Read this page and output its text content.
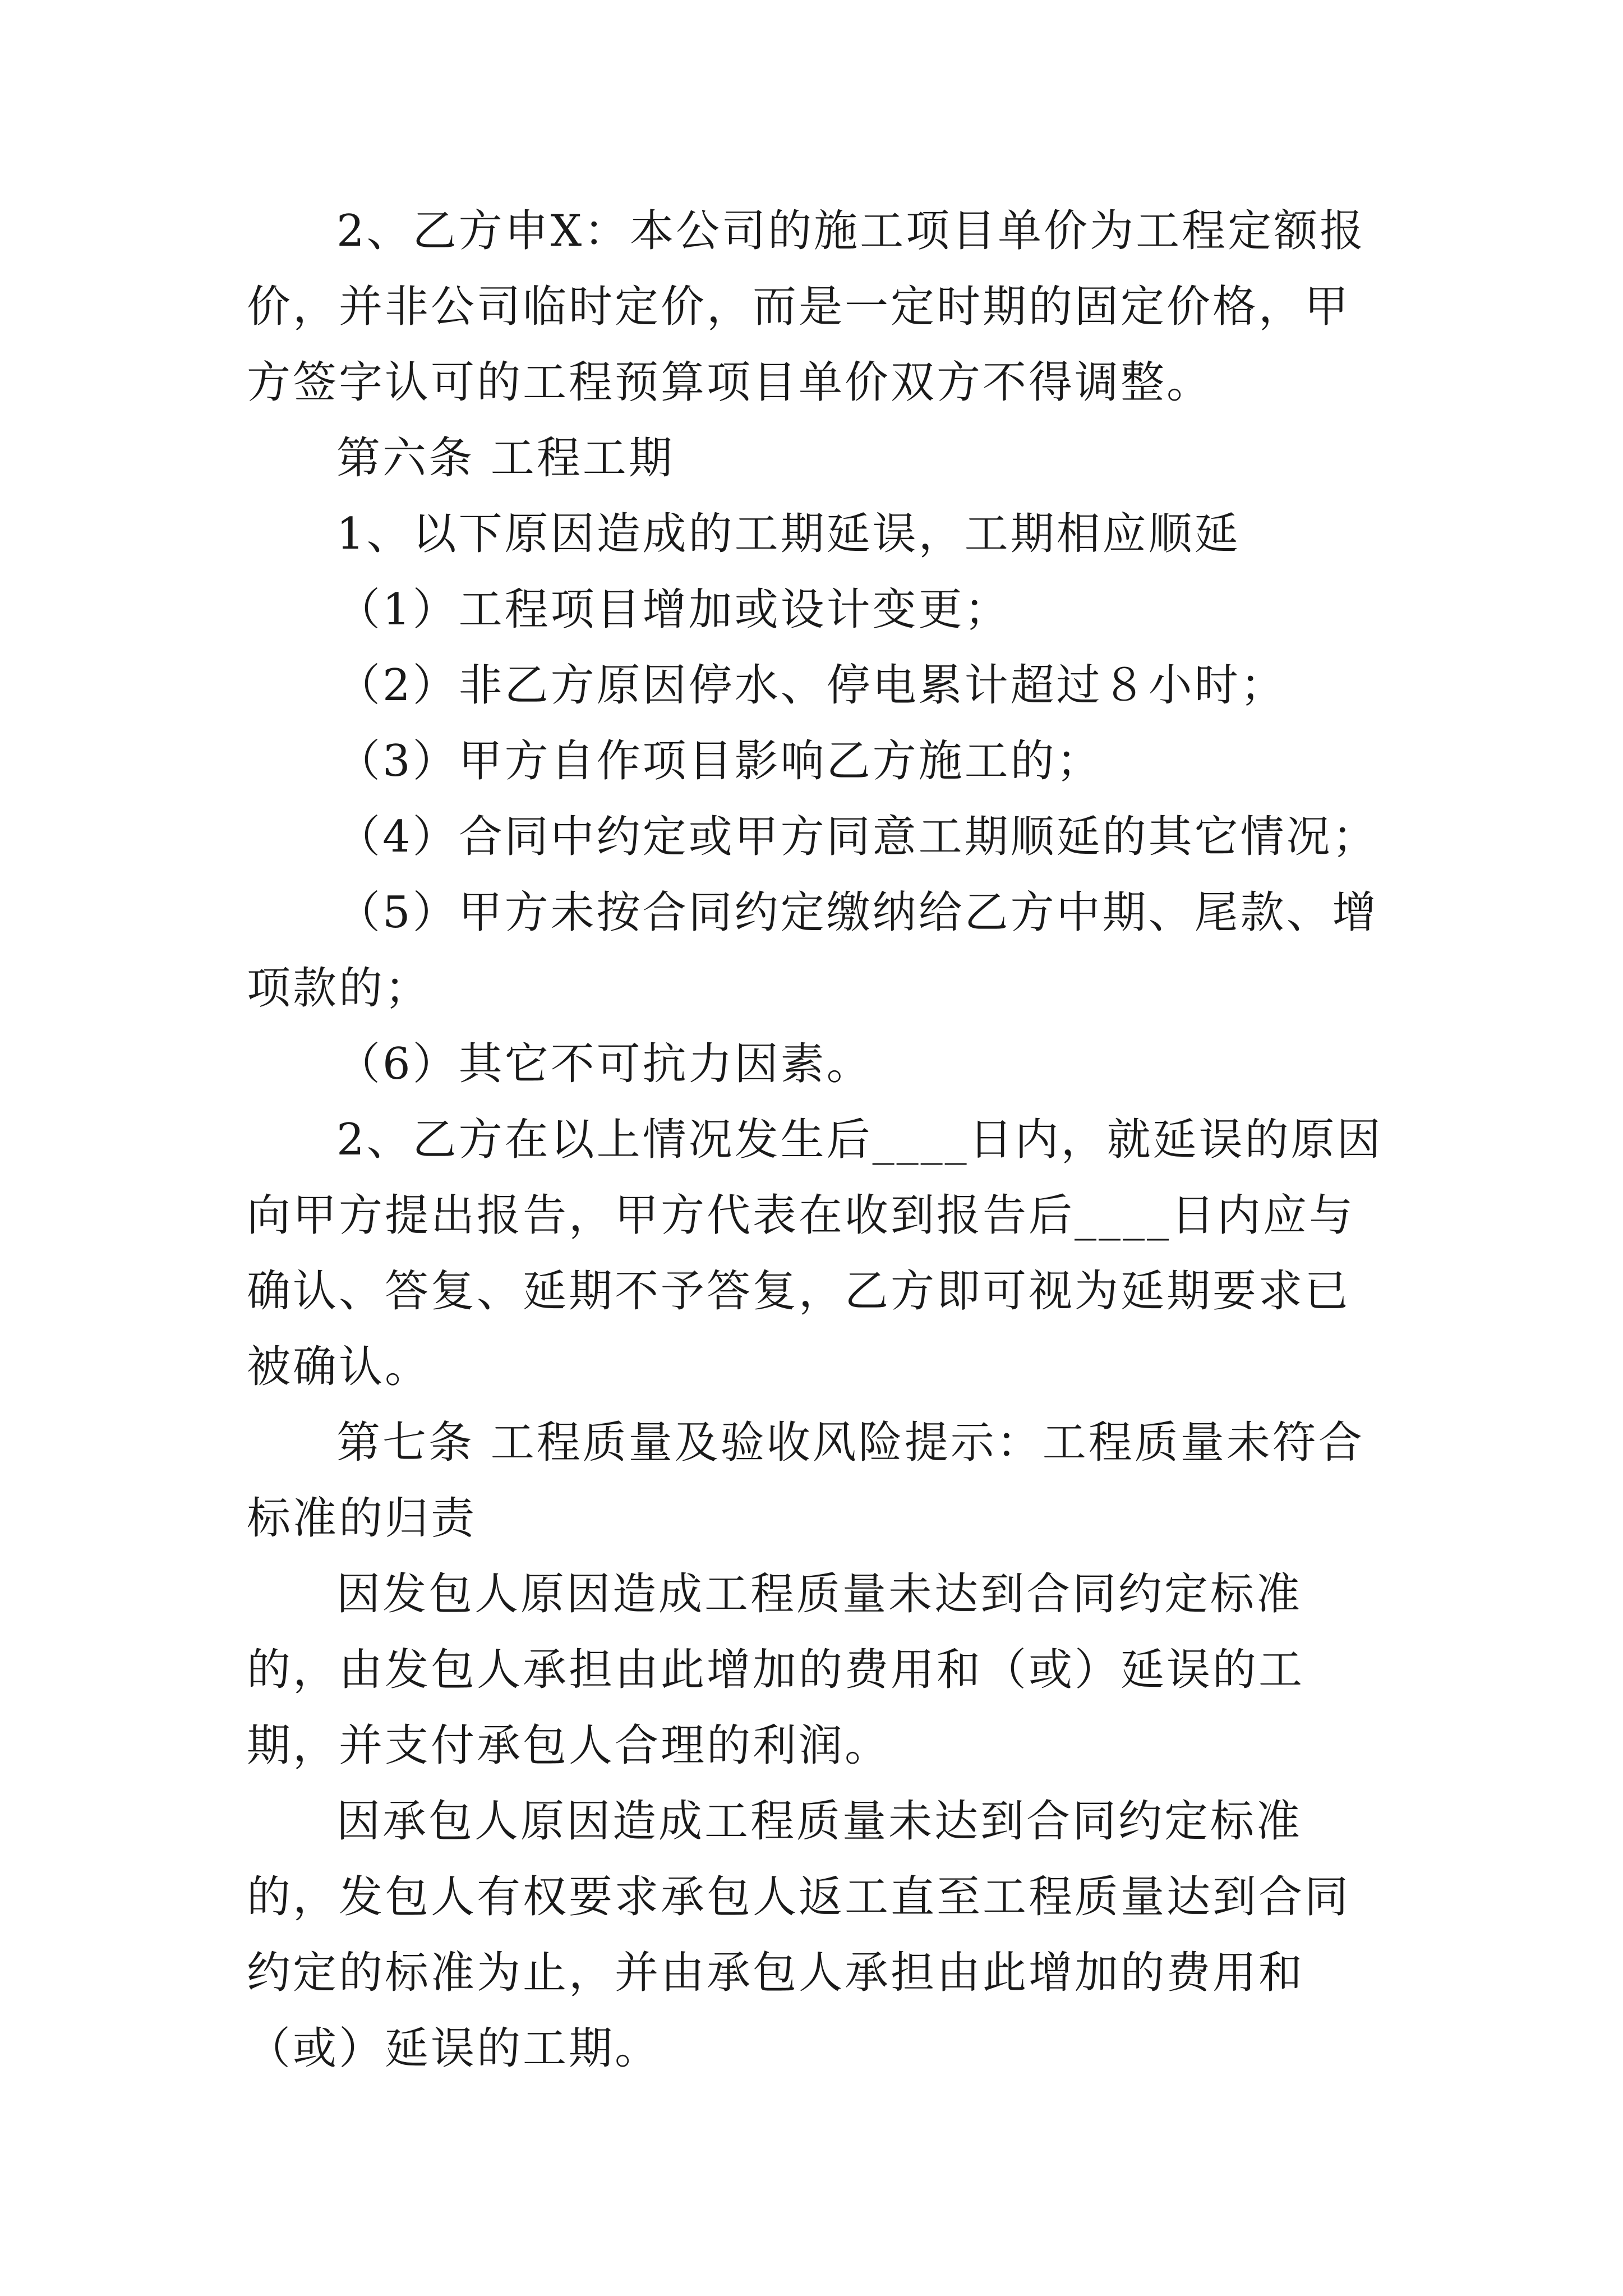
2、乙方申X：本公司的施工项目单价为工程定额报价，并非公司临时定价，而是一定时期的固定价格，甲方签字认可的工程预算项目单价双方不得调整。

第六条 工程工期

1、以下原因造成的工期延误，工期相应顺延

（1）工程项目增加或设计变更；

（2）非乙方原因停水、停电累计超过８小时；

（3）甲方自作项目影响乙方施工的；

（4）合同中约定或甲方同意工期顺延的其它情况；

（5）甲方未按合同约定缴纳给乙方中期、尾款、增项款的；

（6）其它不可抗力因素。

2、乙方在以上情况发生后____日内，就延误的原因向甲方提出报告，甲方代表在收到报告后____日内应与确认、答复、延期不予答复，乙方即可视为延期要求已被确认。

第七条 工程质量及验收风险提示：工程质量未符合标准的归责

因发包人原因造成工程质量未达到合同约定标准的，由发包人承担由此增加的费用和（或）延误的工期，并支付承包人合理的利润。

因承包人原因造成工程质量未达到合同约定标准的，发包人有权要求承包人返工直至工程质量达到合同约定的标准为止，并由承包人承担由此增加的费用和（或）延误的工期。
